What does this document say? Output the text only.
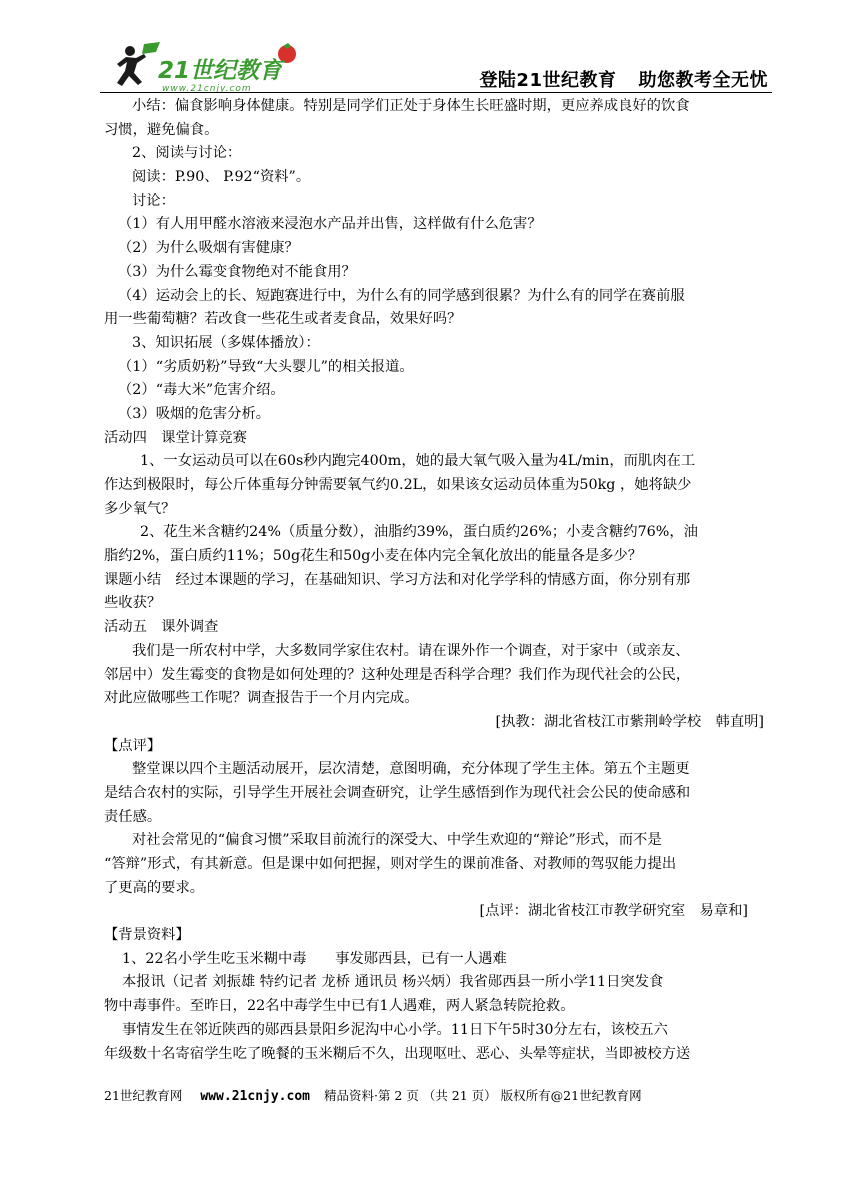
21世纪教育
www.21cnjy.com	登陆21世纪教育 助您教考全无忧
小结：偏食影响身体健康。特别是同学们正处于身体生长旺盛时期，更应养成良好的饮食
习惯，避免偏食。
2、阅读与讨论：
阅读：P.90、 P.92“资料”。
讨论：
（1）有人用甲醛水溶液来浸泡水产品并出售，这样做有什么危害？
（2）为什么吸烟有害健康？
（3）为什么霉变食物绝对不能食用？
（4）运动会上的长、短跑赛进行中，为什么有的同学感到很累？为什么有的同学在赛前服
用一些葡萄糖？若改食一些花生或者麦食品，效果好吗？
3、知识拓展（多媒体播放）：
（1）“劣质奶粉”导致“大头婴儿”的相关报道。
（2）“毒大米”危害介绍。
（3）吸烟的危害分析。
活动四　课堂计算竞赛
1、一女运动员可以在60s秒内跑完400m，她的最大氧气吸入量为4L/min，而肌肉在工
作达到极限时，每公斤体重每分钟需要氧气约0.2L，如果该女运动员体重为50kg ，她将缺少
多少氧气？
2、花生米含糖约24%（质量分数），油脂约39%，蛋白质约26%；小麦含糖约76%，油
脂约2%，蛋白质约11%；50g花生和50g小麦在体内完全氧化放出的能量各是多少？
课题小结　经过本课题的学习，在基础知识、学习方法和对化学学科的情感方面，你分别有那
些收获？
活动五　课外调查
我们是一所农村中学，大多数同学家住农村。请在课外作一个调查，对于家中（或亲友、
邻居中）发生霉变的食物是如何处理的？这种处理是否科学合理？我们作为现代社会的公民，
对此应做哪些工作呢？调查报告于一个月内完成。
[执教：湖北省枝江市紫荆岭学校　韩直明]
【点评】
整堂课以四个主题活动展开，层次清楚，意图明确，充分体现了学生主体。第五个主题更
是结合农村的实际，引导学生开展社会调查研究，让学生感悟到作为现代社会公民的使命感和
责任感。
对社会常见的“偏食习惯”采取目前流行的深受大、中学生欢迎的“辩论”形式，而不是
“答辩”形式，有其新意。但是课中如何把握，则对学生的课前准备、对教师的驾驭能力提出
了更高的要求。
[点评：湖北省枝江市教学研究室　易章和]
【背景资料】
1、22名小学生吃玉米糊中毒　　事发郧西县，已有一人遇难
本报讯（记者 刘振雄 特约记者 龙桥 通讯员 杨兴炳）我省郧西县一所小学11日突发食
物中毒事件。至昨日，22名中毒学生中已有1人遇难，两人紧急转院抢救。
事情发生在邻近陕西的郧西县景阳乡泥沟中心小学。11日下午5时30分左右，该校五六
年级数十名寄宿学生吃了晚餐的玉米糊后不久，出现呕吐、恶心、头晕等症状，当即被校方送
21世纪教育网 www.21cnjy.com 精品资料·第 2 页 （共 21 页） 版权所有@21世纪教育网
